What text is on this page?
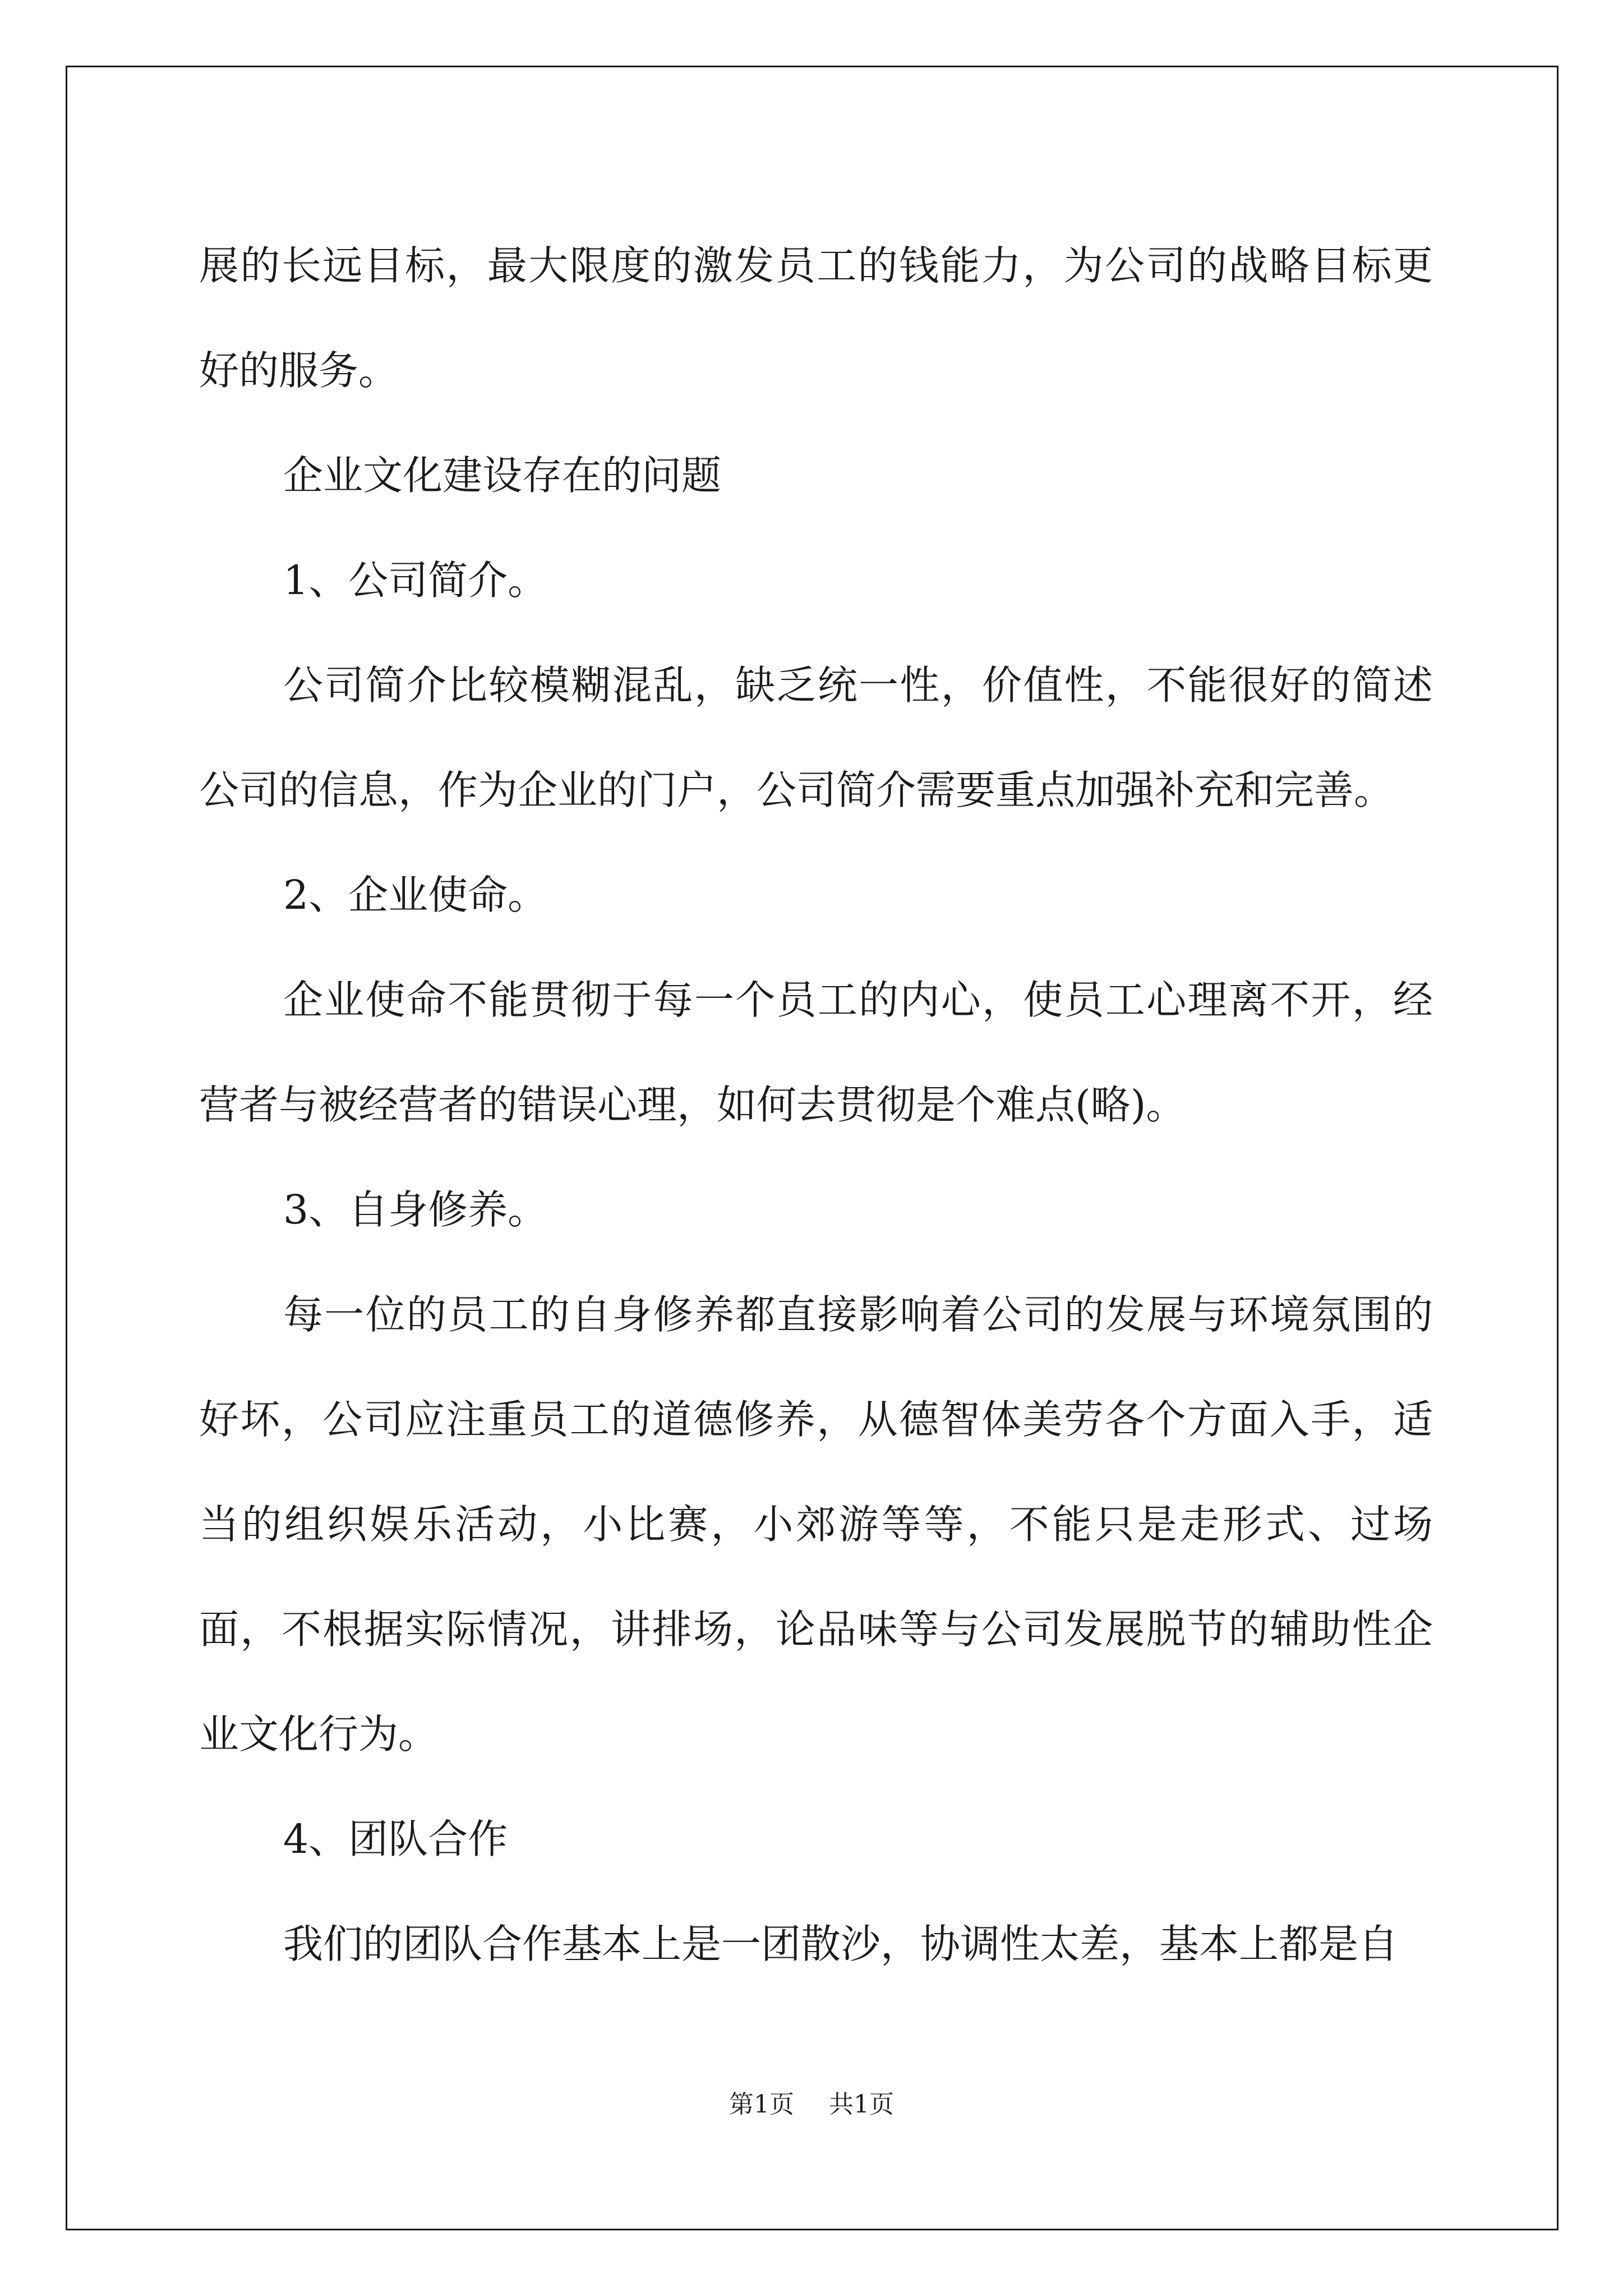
展的长远目标，最大限度的激发员工的钱能力，为公司的战略目标更好的服务。

企业文化建设存在的问题

1、公司简介。

公司简介比较模糊混乱，缺乏统一性，价值性，不能很好的简述公司的信息，作为企业的门户，公司简介需要重点加强补充和完善。

2、企业使命。

企业使命不能贯彻于每一个员工的内心，使员工心理离不开，经营者与被经营者的错误心理，如何去贯彻是个难点(略)。

3、自身修养。

每一位的员工的自身修养都直接影响着公司的发展与环境氛围的好坏，公司应注重员工的道德修养，从德智体美劳各个方面入手，适当的组织娱乐活动，小比赛，小郊游等等，不能只是走形式、过场面，不根据实际情况，讲排场，论品味等与公司发展脱节的辅助性企业文化行为。

4、团队合作

我们的团队合作基本上是一团散沙，协调性太差，基本上都是自

第1页 共1页
